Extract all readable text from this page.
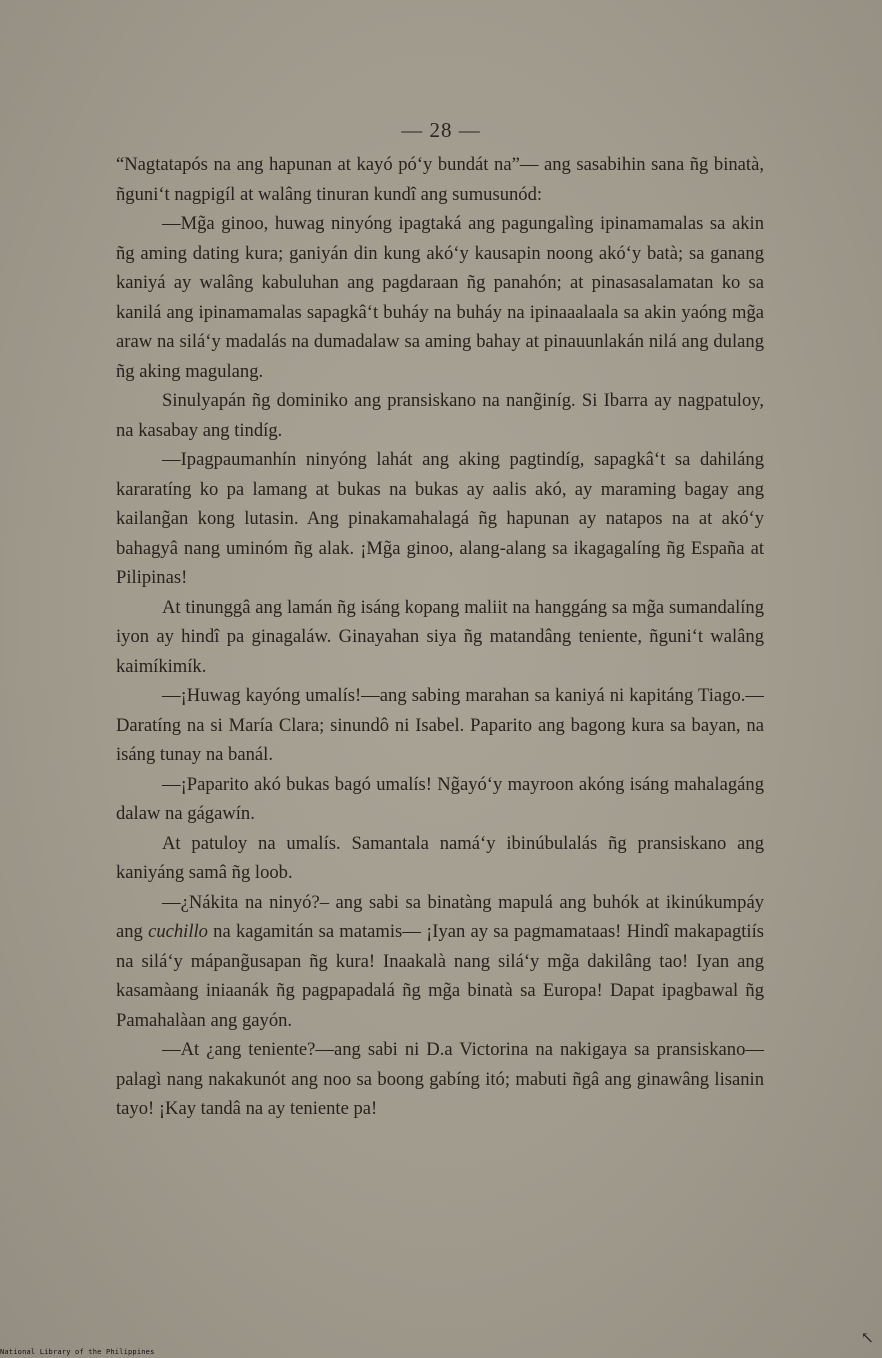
— 28 —

“Nagtatapós na ang hapunan at kayó pó‘y bundát na”— ang sasabihin sana ñg binatà, ñguni‘t nagpigíl at walâng tinuran kundî ang sumusunód:

—Mg̃a ginoo, huwag ninyóng ipagtaká ang pagungalìng ipinamamalas sa akin ñg aming dating kura; ganiyán din kung akó‘y kausapin noong akó‘y batà; sa ganang kaniyá ay walâng kabuluhan ang pagdaraan ñg panahón; at pinasasalamatan ko sa kanilá ang ipinamamalas sapagkâ‘t buháy na buháy na ipinaaalaala sa akin yaóng mg̃a araw na silá‘y madalás na dumadalaw sa aming bahay at pinauunlakán nilá ang dulang ñg aking magulang.

Sinulyapán ñg dominiko ang pransiskano na nang̃iníg. Si Ibarra ay nagpatuloy, na kasabay ang tindíg.

—Ipagpaumanhín ninyóng lahát ang aking pagtindíg, sapagkâ‘t sa dahiláng kararatíng ko pa lamang at bukas na bukas ay aalis akó, ay maraming bagay ang kailang̃an kong lutasin. Ang pinakamahalagá ñg hapunan ay natapos na at akó‘y bahagyâ nang uminóm ñg alak. ¡Mg̃a ginoo, alang-alang sa ikagagalíng ñg España at Pilipinas!

At tinunggâ ang lamán ñg isáng kopang maliit na hanggáng sa mg̃a sumandalíng iyon ay hindî pa ginagaláw. Ginayahan siya ñg matandâng teniente, ñguni‘t walâng kaimíkimík.

—¡Huwag kayóng umalís!—ang sabing marahan sa kaniyá ni kapitáng Tiago.—Daratíng na si María Clara; sinundô ni Isabel. Paparito ang bagong kura sa bayan, na isáng tunay na banál.

—¡Paparito akó bukas bagó umalís! Ng̃ayó‘y mayroon akóng isáng mahalagáng dalaw na gágawín.

At patuloy na umalís. Samantala namá‘y ibinúbulalás ñg pransiskano ang kaniyáng samâ ñg loob.

—¿Nákita na ninyó?– ang sabi sa binatàng mapulá ang buhók at ikinúkumpáy ang cuchillo na kagamitán sa matamis— ¡Iyan ay sa pagmamataas! Hindî makapagtiís na silá‘y mápang̃usapan ñg kura! Inaakalà nang silá‘y mg̃a dakilâng tao! Iyan ang kasamàang iniaanák ñg pagpapadalá ñg mg̃a binatà sa Europa! Dapat ipagbawal ñg Pamahalàan ang gayón.

—At ¿ang teniente?—ang sabi ni D.a Victorina na nakigaya sa pransiskano—palagì nang nakakunót ang noo sa boong gabíng itó; mabuti ñgâ ang ginawâng lisanin tayo! ¡Kay tandâ na ay teniente pa!

National Library of the Philippines
↖
